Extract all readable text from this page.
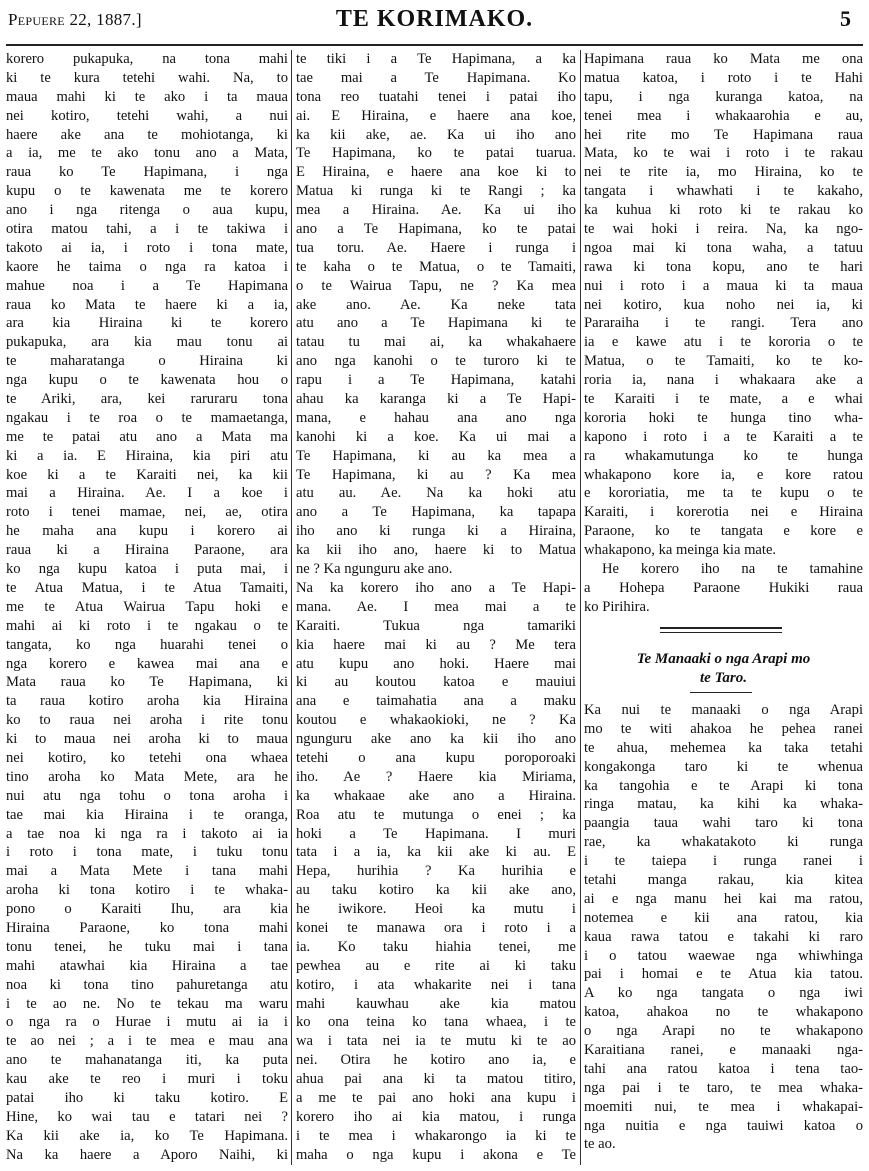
Pepuere 22, 1887.]	TE KORIMAKO.	5
korero pukapuka, na tona mahi
ki te kura tetehi wahi. Na, to
maua mahi ki te ako i ta maua
nei kotiro, tetehi wahi, a nui
haere ake ana te mohiotanga, ki
a ia, me te ako tonu ano a Mata,
raua ko Te Hapimana, i nga
kupu o te kawenata me te korero
ano i nga ritenga o aua kupu,
otira matou tahi, a i te takiwa i
takoto ai ia, i roto i tona mate,
kaore he taima o nga ra katoa i
mahue noa i a Te Hapimana
raua ko Mata te haere ki a ia,
ara kia Hiraina ki te korero
pukapuka, ara kia mau tonu ai
te maharatanga o Hiraina ki
nga kupu o te kawenata hou o
te Ariki, ara, kei raruraru tona
ngakau i te roa o te mamaetanga,
me te patai atu ano a Mata ma
ki a ia. E Hiraina, kia piri atu
koe ki a te Karaiti nei, ka kii
mai a Hiraina. Ae. I a koe i
roto i tenei mamae, nei, ae, otira
he maha ana kupu i korero ai
raua ki a Hiraina Paraone, ara
ko nga kupu katoa i puta mai, i
te Atua Matua, i te Atua Tamaiti,
me te Atua Wairua Tapu hoki e
mahi ai ki roto i te ngakau o te
tangata, ko nga huarahi tenei o
nga korero e kawea mai ana e
Mata raua ko Te Hapimana, ki
ta raua kotiro aroha kia Hiraina
ko to raua nei aroha i rite tonu
ki to maua nei aroha ki to maua
nei kotiro, ko tetehi ona whaea
tino aroha ko Mata Mete, ara he
nui atu nga tohu o tona aroha i
tae mai kia Hiraina i te oranga,
a tae noa ki nga ra i takoto ai ia
i roto i tona mate, i tuku tonu
mai a Mata Mete i tana mahi
aroha ki tona kotiro i te whaka-
pono o Karaiti Ihu, ara kia
Hiraina Paraone, ko tona mahi
tonu tenei, he tuku mai i tana
mahi atawhai kia Hiraina a tae
noa ki tona tino pahuretanga atu
i te ao ne. No te tekau ma waru
o nga ra o Hurae i mutu ai ia i
te ao nei ; a i te mea e mau ana
ano te mahanatanga iti, ka puta
kau ake te reo i muri i toku
patai iho ki taku kotiro. E
Hine, ko wai tau e tatari nei ?
Ka kii ake ia, ko Te Hapimana.
Na ka haere a Aporo Naihi, ki
te tiki i a Te Hapimana, a ka
tae mai a Te Hapimana. Ko
tona reo tuatahi tenei i patai iho
ai. E Hiraina, e haere ana koe,
ka kii ake, ae. Ka ui iho ano
Te Hapimana, ko te patai tuarua.
E Hiraina, e haere ana koe ki to
Matua ki runga ki te Rangi ; ka
mea a Hiraina. Ae. Ka ui iho
ano a Te Hapimana, ko te patai
tua toru. Ae. Haere i runga i
te kaha o te Matua, o te Tamaiti,
o te Wairua Tapu, ne ? Ka mea
ake ano. Ae. Ka neke tata
atu ano a Te Hapimana ki te
tatau tu mai ai, ka whakahaere
ano nga kanohi o te turoro ki te
rapu i a Te Hapimana, katahi
ahau ka karanga ki a Te Hapi-
mana, e hahau ana ano nga
kanohi ki a koe. Ka ui mai a
Te Hapimana, ki au ka mea a
Te Hapimana, ki au ? Ka mea
atu au. Ae. Na ka hoki atu
ano a Te Hapimana, ka tapapa
iho ano ki runga ki a Hiraina,
ka kii iho ano, haere ki to Matua
ne ? Ka ngunguru ake ano.
Na ka korero iho ano a Te Hapi-
mana. Ae. I mea mai a te
Karaiti. Tukua nga tamariki
kia haere mai ki au ? Me tera
atu kupu ano hoki. Haere mai
ki au koutou katoa e mauiui
ana e taimahatia ana a maku
koutou e whakaokioki, ne ? Ka
ngunguru ake ano ka kii iho ano
tetehi o ana kupu poroporoaki
iho. Ae ? Haere kia Miriama,
ka whakaae ake ano a Hiraina.
Roa atu te mutunga o enei ; ka
hoki a Te Hapimana. I muri
tata i a ia, ka kii ake ki au. E
Hepa, hurihia ? Ka hurihia e
au taku kotiro ka kii ake ano,
he iwikore. Heoi ka mutu i
konei te manawa ora i roto i a
ia. Ko taku hiahia tenei, me
pewhea au e rite ai ki taku
kotiro, i ata whakarite nei i tana
mahi kauwhau ake kia matou
ko ona teina ko tana whaea, i te
wa i tata nei ia te mutu ki te ao
nei. Otira he kotiro ano ia, e
ahua pai ana ki ta matou titiro,
a me te pai ano hoki ana kupu i
korero iho ai kia matou, i runga
i te mea i whakarongo ia ki te
maha o nga kupu i akona e Te
Hapimana raua ko Mata me ona
matua katoa, i roto i te Hahi
tapu, i nga kuranga katoa, na
tenei mea i whakaarohia e au,
hei rite mo Te Hapimana raua
Mata, ko te wai i roto i te rakau
nei te rite ia, mo Hiraina, ko te
tangata i whawhati i te kakaho,
ka kuhua ki roto ki te rakau ko
te wai hoki i reira. Na, ka ngo-
ngoa mai ki tona waha, a tatuu
rawa ki tona kopu, ano te hari
nui i roto i a maua ki ta maua
nei kotiro, kua noho nei ia, ki
Pararaiha i te rangi. Tera ano
ia e kawe atu i te kororia o te
Matua, o te Tamaiti, ko te ko-
roria ia, nana i whakaara ake a
te Karaiti i te mate, a e whai
kororia hoki te hunga tino wha-
kapono i roto i a te Karaiti a te
ra whakamutunga ko te hunga
whakapono kore ia, e kore ratou
e kororiatia, me ta te kupu o te
Karaiti, i korerotia nei e Hiraina
Paraone, ko te tangata e kore e
whakapono, ka meinga kia mate.
He korero iho na te tamahine
a Hohepa Paraone Hukiki raua
ko Pirihira.
Te Manaaki o nga Arapi mo
te Taro.
Ka nui te manaaki o nga Arapi
mo te witi ahakoa he pehea ranei
te ahua, mehemea ka taka tetahi
kongakonga taro ki te whenua
ka tangohia e te Arapi ki tona
ringa matau, ka kihi ka whaka-
paangia taua wahi taro ki tona
rae, ka whakatakoto ki runga
i te taiepa i runga ranei i
tetahi manga rakau, kia kitea
ai e nga manu hei kai ma ratou,
notemea e kii ana ratou, kia
kaua rawa tatou e takahi ki raro
i o tatou waewae nga whiwhinga
pai i homai e te Atua kia tatou.
A ko nga tangata o nga iwi
katoa, ahakoa no te whakapono
o nga Arapi no te whakapono
Karaitiana ranei, e manaaki nga-
tahi ana ratou katoa i tena tao-
nga pai i te taro, te mea whaka-
moemiti nui, te mea i whakapai-
nga nuitia e nga tauiwi katoa o
te ao.
